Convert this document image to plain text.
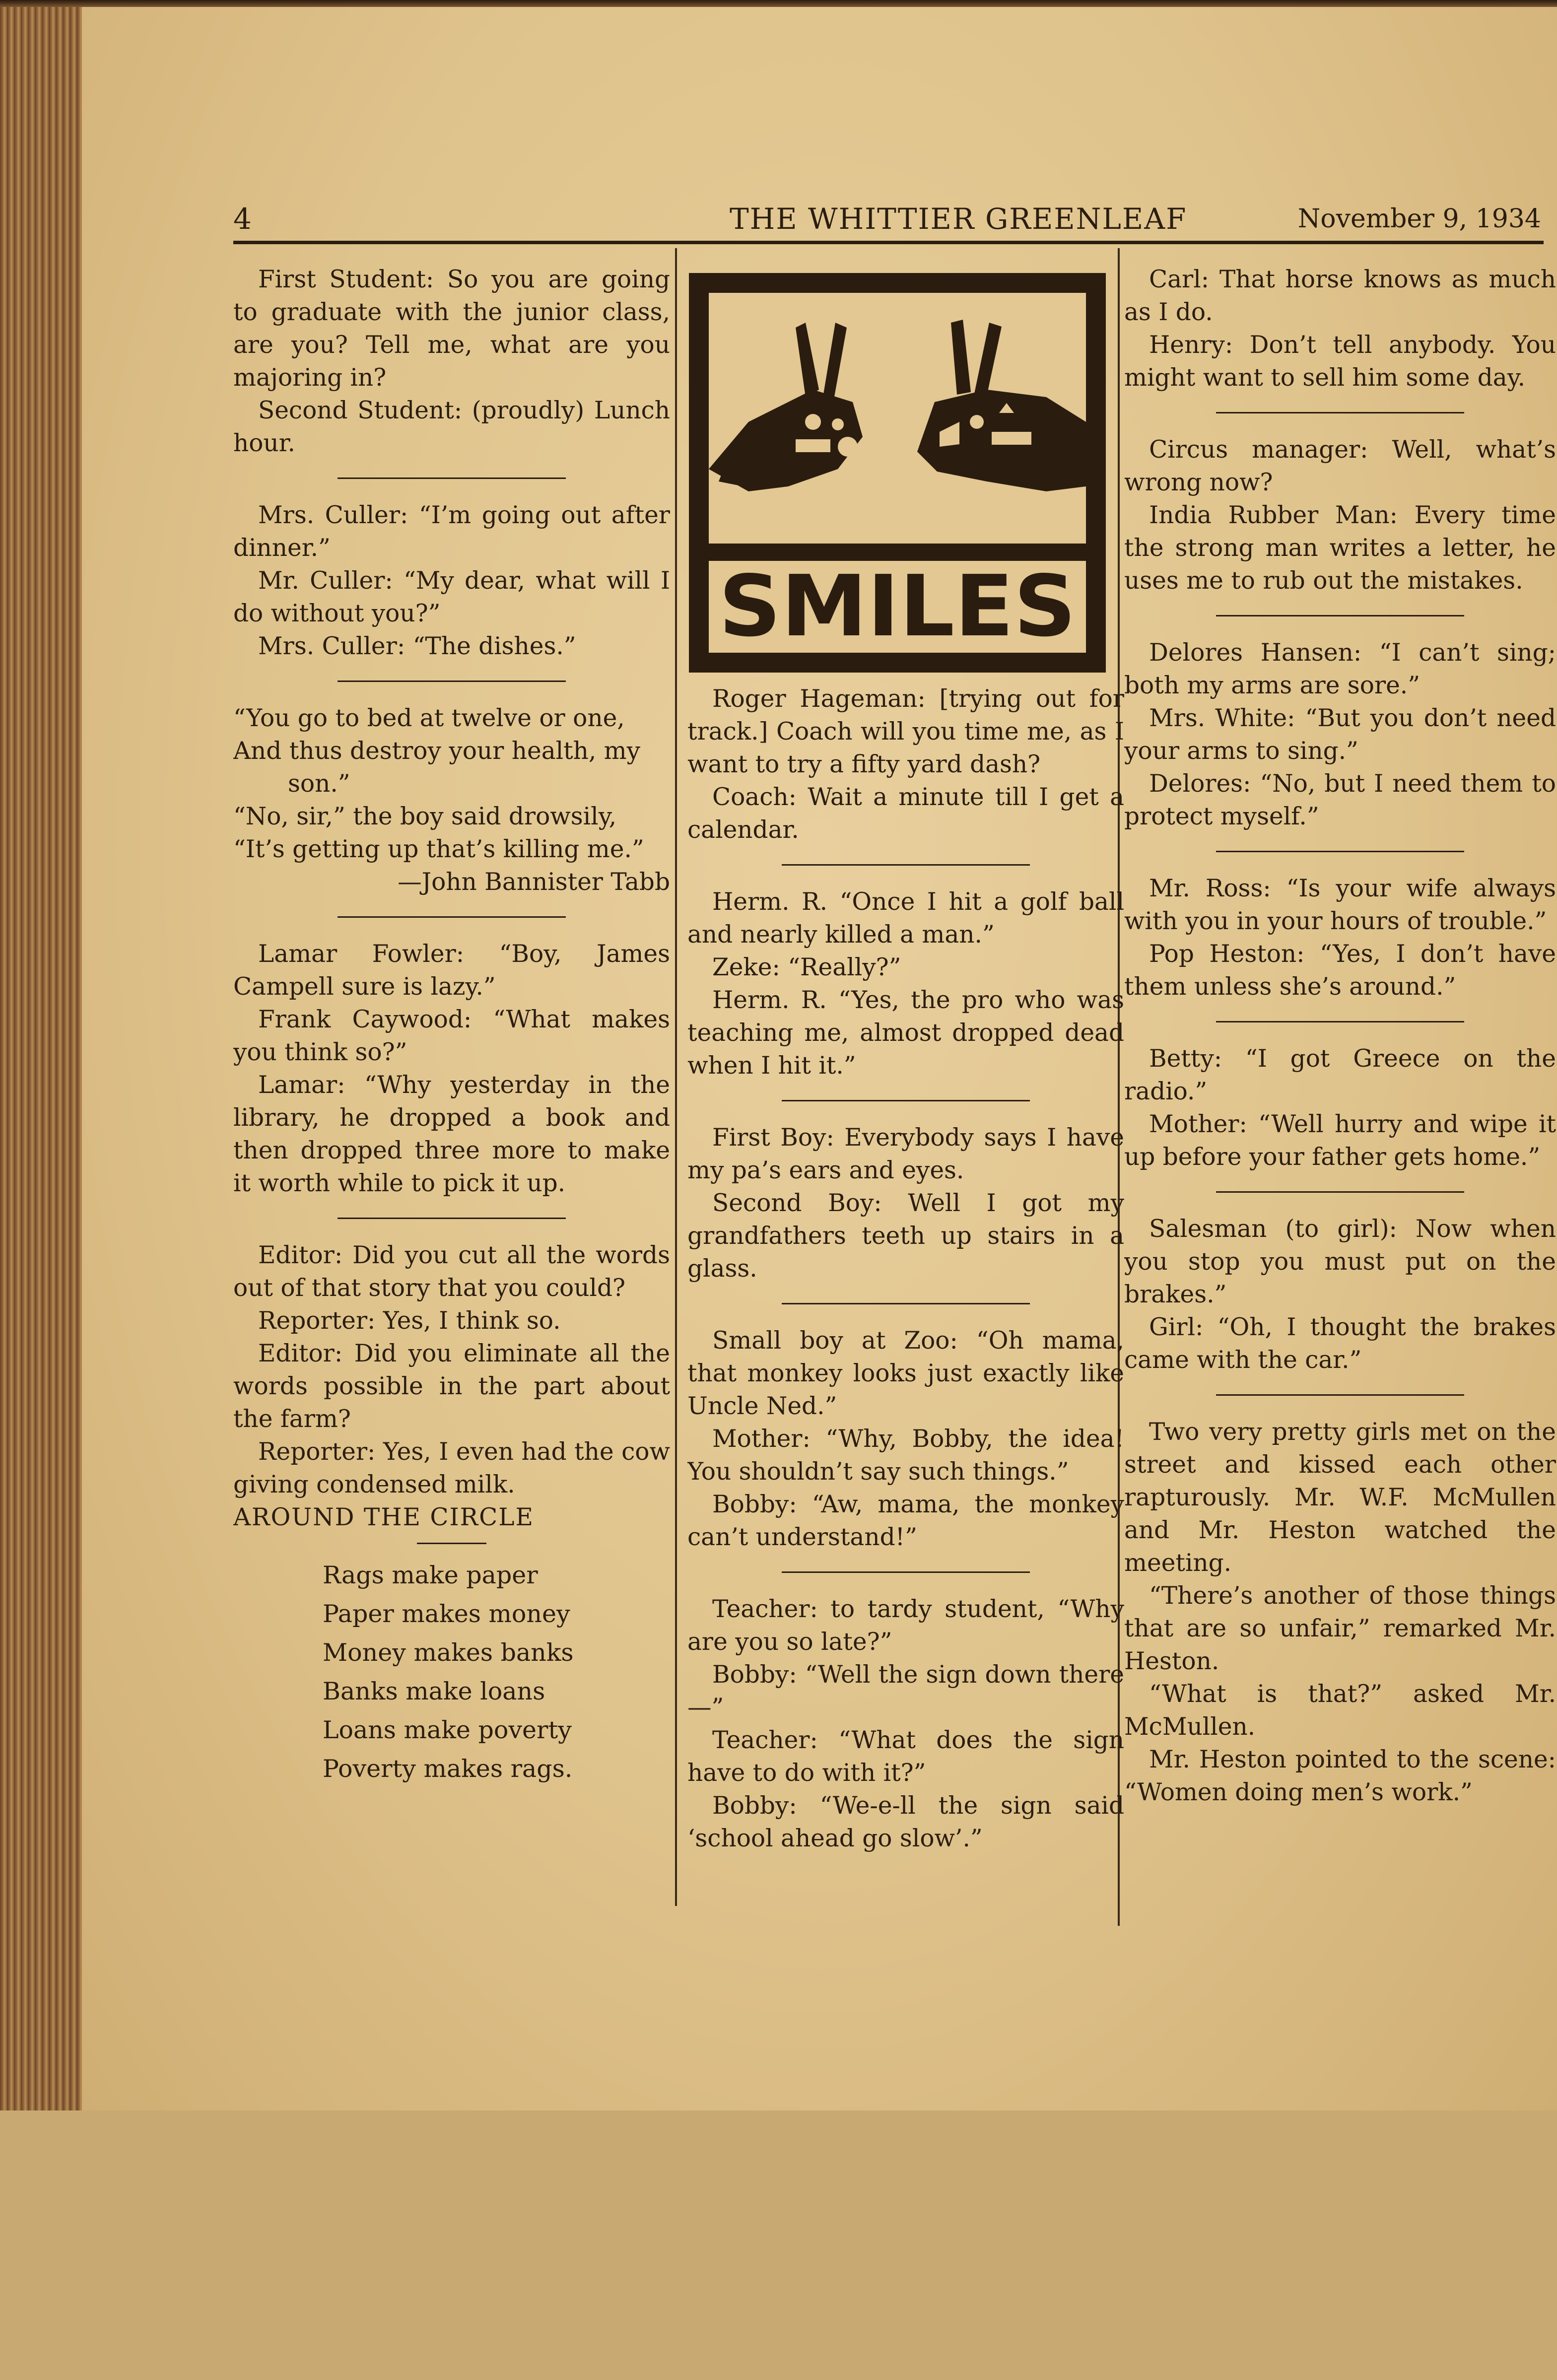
4	THE WHITTIER GREENLEAF	November 9, 1934
SMILES

First Student: So you are going to graduate with the junior class, are you? Tell me, what are you majoring in?

Second Student: (proudly) Lunch hour.

Mrs. Culler: “I’m going out after dinner.”

Mr. Culler: “My dear, what will I do without you?”

Mrs. Culler: “The dishes.”

“You go to bed at twelve or one,

And thus destroy your health, my son.”

“No, sir,” the boy said drowsily,

“It’s getting up that’s killing me.”

—John Bannister Tabb

Lamar Fowler: “Boy, James Campell sure is lazy.”

Frank Caywood: “What makes you think so?”

Lamar: “Why yesterday in the library, he dropped a book and then dropped three more to make it worth while to pick it up.

Editor: Did you cut all the words out of that story that you could?

Reporter: Yes, I think so.

Editor: Did you eliminate all the words possible in the part about the farm?

Reporter: Yes, I even had the cow giving condensed milk.

AROUND THE CIRCLE

Rags make paper
Paper makes money
Money makes banks
Banks make loans
Loans make poverty
Poverty makes rags.

Roger Hageman: [trying out for track.] Coach will you time me, as I want to try a fifty yard dash?

Coach: Wait a minute till I get a calendar.

Herm. R. “Once I hit a golf ball and nearly killed a man.”

Zeke: “Really?”

Herm. R. “Yes, the pro who was teaching me, almost dropped dead when I hit it.”

First Boy: Everybody says I have my pa’s ears and eyes.

Second Boy: Well I got my grandfathers teeth up stairs in a glass.

Small boy at Zoo: “Oh mama, that monkey looks just exactly like Uncle Ned.”

Mother: “Why, Bobby, the idea! You shouldn’t say such things.”

Bobby: “Aw, mama, the monkey can’t understand!”

Teacher: to tardy student, “Why are you so late?”

Bobby: “Well the sign down there—”

Teacher: “What does the sign have to do with it?”

Bobby: “We-e-ll the sign said ‘school ahead go slow’.”

Carl: That horse knows as much as I do.

Henry: Don’t tell anybody. You might want to sell him some day.

Circus manager: Well, what’s wrong now?

India Rubber Man: Every time the strong man writes a letter, he uses me to rub out the mistakes.

Delores Hansen: “I can’t sing; both my arms are sore.”

Mrs. White: “But you don’t need your arms to sing.”

Delores: “No, but I need them to protect myself.”

Mr. Ross: “Is your wife always with you in your hours of trouble.”

Pop Heston: “Yes, I don’t have them unless she’s around.”

Betty: “I got Greece on the radio.”

Mother: “Well hurry and wipe it up before your father gets home.”

Salesman (to girl): Now when you stop you must put on the brakes.”

Girl: “Oh, I thought the brakes came with the car.”

Two very pretty girls met on the street and kissed each other rapturously. Mr. W.F. McMullen and Mr. Heston watched the meeting.

“There’s another of those things that are so unfair,” remarked Mr. Heston.

“What is that?” asked Mr. McMullen.

Mr. Heston pointed to the scene: “Women doing men’s work.”
